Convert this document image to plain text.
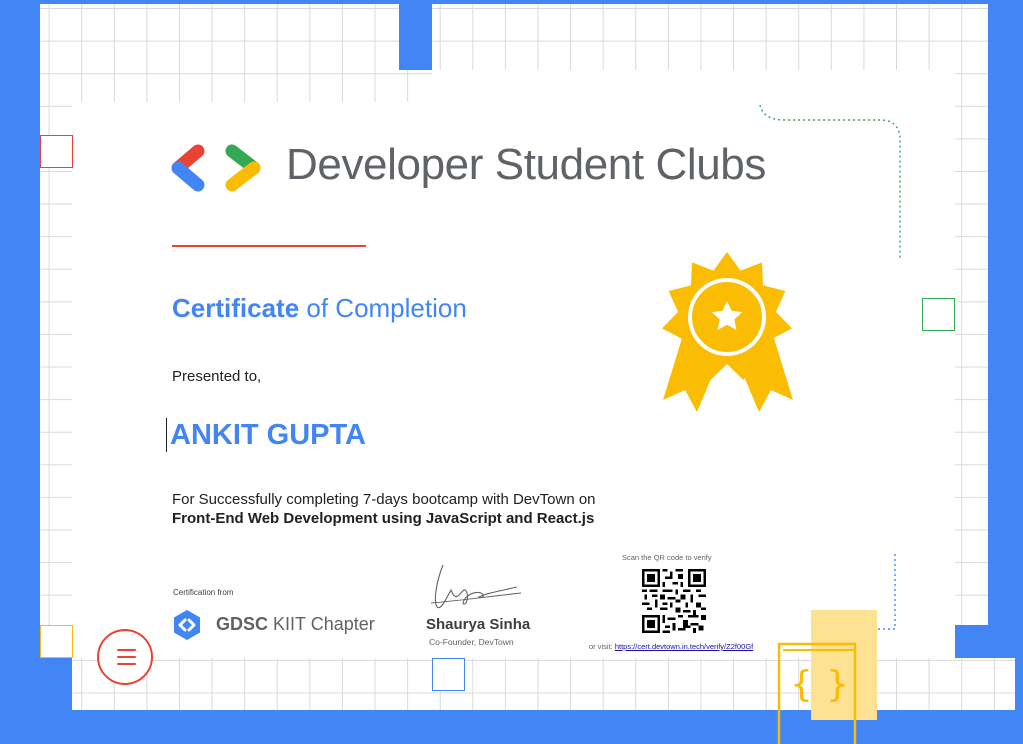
{ }
Developer Student Clubs
Certificate of Completion
Presented to,
ANKIT GUPTA
For Successfully completing 7-days bootcamp with DevTown on
Front-End Web Development using JavaScript and React.js
Certification from
GDSC KIIT Chapter	Shaurya Sinha
Co-Founder, DevTown
Scan the QR code to verify
or visit: https://cert.devtown.in.tech/verify/Z2f00Gf
